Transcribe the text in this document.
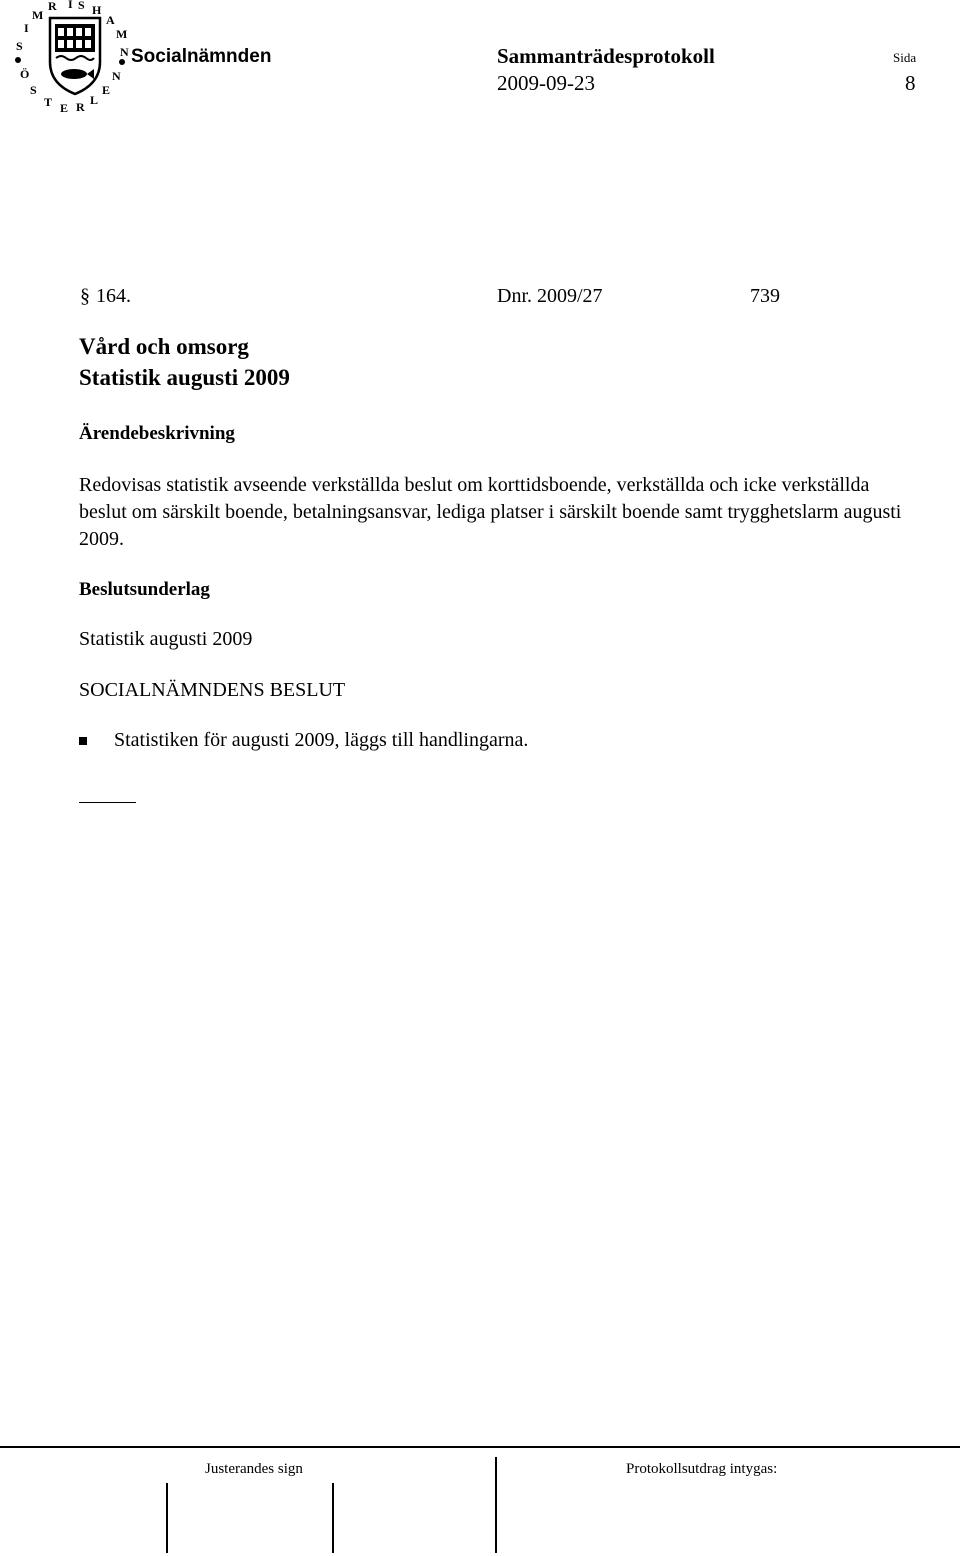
S
I
M
R I S H
A
M
N
Ö
S
T E R L
E
N
Socialnämnden	Sammanträdesprotokoll
2009-09-23
Sida
8
§ 164.	Dnr. 2009/27	739
Vård och omsorg
Statistik augusti 2009
Ärendebeskrivning
Redovisas statistik avseende verkställda beslut om korttidsboende, verkställda och icke verkställda beslut om särskilt boende, betalningsansvar, lediga platser i särskilt boende samt trygghetslarm augusti 2009.
Beslutsunderlag
Statistik augusti 2009
SOCIALNÄMNDENS BESLUT
Statistiken för augusti 2009, läggs till handlingarna.
Justerandes sign	Protokollsutdrag intygas:
